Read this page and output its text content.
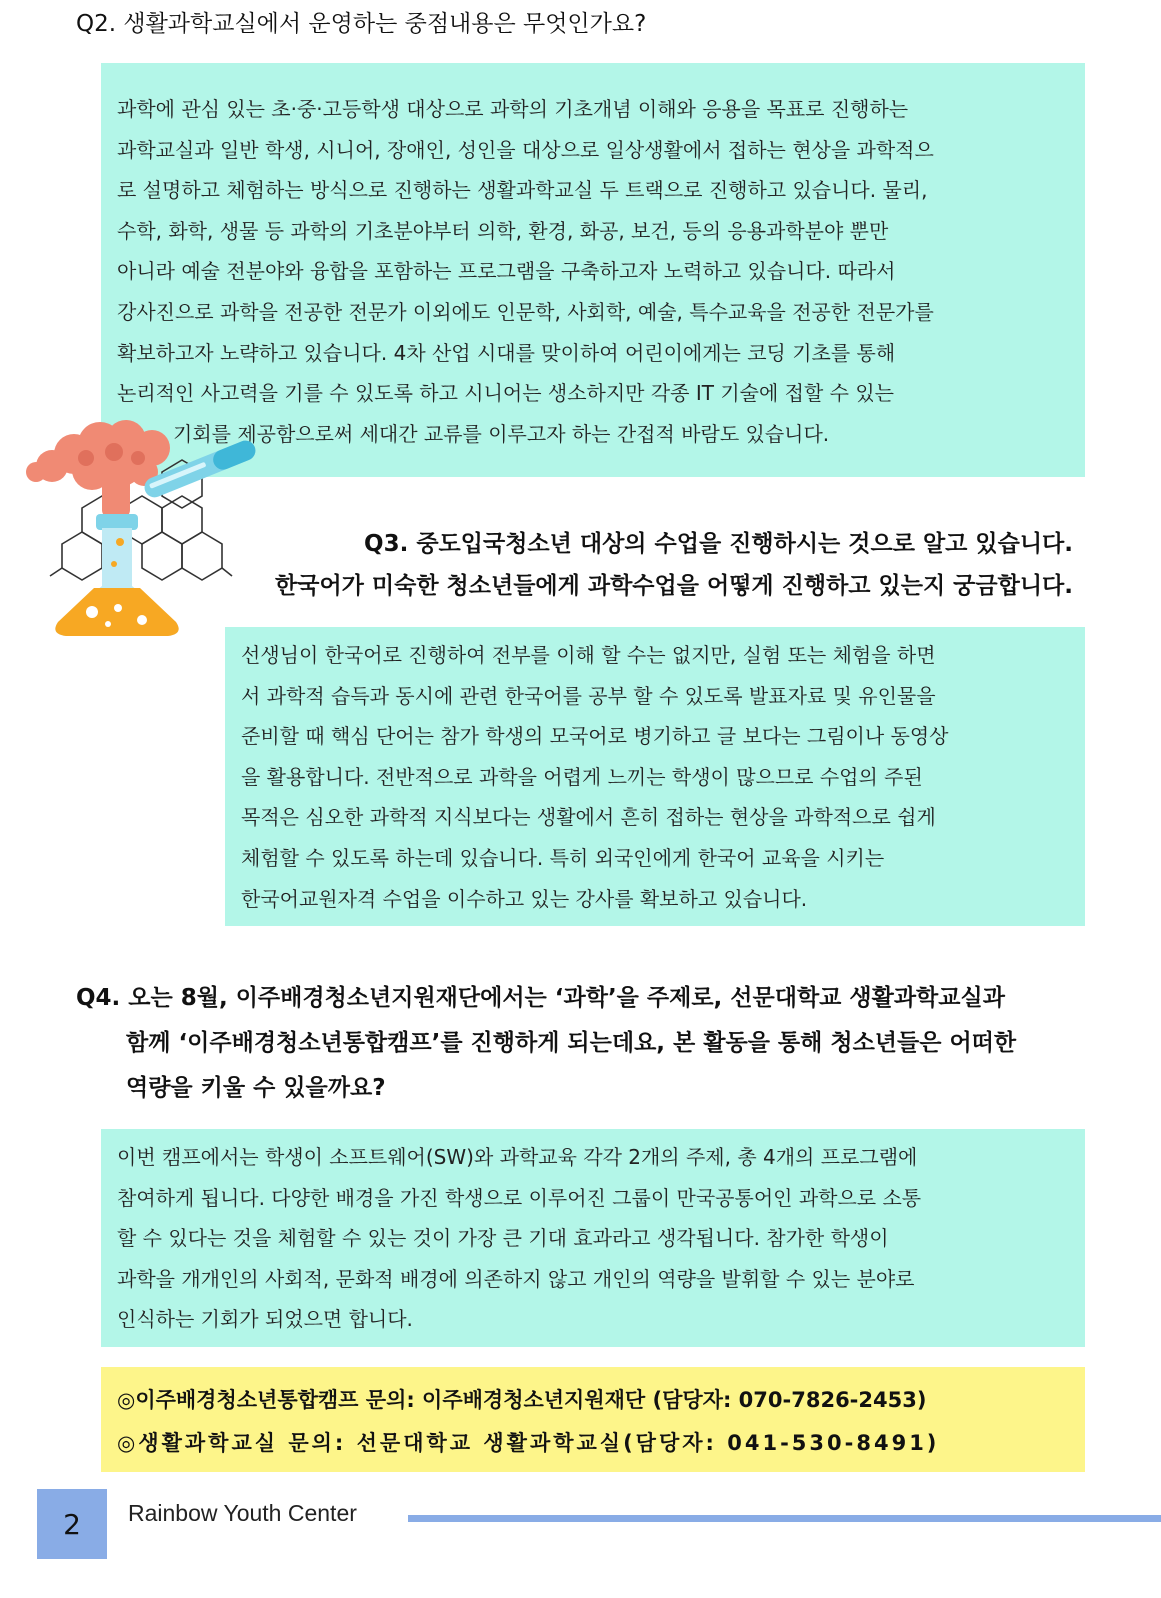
Q2. 생활과학교실에서 운영하는 중점내용은 무엇인가요?

과학에 관심 있는 초·중·고등학생 대상으로 과학의 기초개념 이해와 응용을 목표로 진행하는

과학교실과 일반 학생, 시니어, 장애인, 성인을 대상으로 일상생활에서 접하는 현상을 과학적으

로 설명하고 체험하는 방식으로 진행하는 생활과학교실 두 트랙으로 진행하고 있습니다. 물리,

수학, 화학, 생물 등 과학의 기초분야부터 의학, 환경, 화공, 보건, 등의 응용과학분야 뿐만

아니라 예술 전분야와 융합을 포함하는 프로그램을 구축하고자 노력하고 있습니다. 따라서

강사진으로 과학을 전공한 전문가 이외에도 인문학, 사회학, 예술, 특수교육을 전공한 전문가를

확보하고자 노략하고 있습니다. 4차 산업 시대를 맞이하여 어린이에게는 코딩 기초를 통해

논리적인 사고력을 기를 수 있도록 하고 시니어는 생소하지만 각종 IT 기술에 접할 수 있는

기회를 제공함으로써 세대간 교류를 이루고자 하는 간접적 바람도 있습니다.

Q3. 중도입국청소년 대상의 수업을 진행하시는 것으로 알고 있습니다.
한국어가 미숙한 청소년들에게 과학수업을 어떻게 진행하고 있는지 궁금합니다.

선생님이 한국어로 진행하여 전부를 이해 할 수는 없지만, 실험 또는 체험을 하면

서 과학적 습득과 동시에 관련 한국어를 공부 할 수 있도록 발표자료 및 유인물을

준비할 때 핵심 단어는 참가 학생의 모국어로 병기하고 글 보다는 그림이나 동영상

을 활용합니다. 전반적으로 과학을 어렵게 느끼는 학생이 많으므로 수업의 주된

목적은 심오한 과학적 지식보다는 생활에서 흔히 접하는 현상을 과학적으로 쉽게

체험할 수 있도록 하는데 있습니다. 특히 외국인에게 한국어 교육을 시키는

한국어교원자격 수업을 이수하고 있는 강사를 확보하고 있습니다.

Q4. 오는 8월, 이주배경청소년지원재단에서는 ‘과학’을 주제로, 선문대학교 생활과학교실과
함께 ‘이주배경청소년통합캠프’를 진행하게 되는데요, 본 활동을 통해 청소년들은 어떠한
역량을 키울 수 있을까요?

이번 캠프에서는 학생이 소프트웨어(SW)와 과학교육 각각 2개의 주제, 총 4개의 프로그램에

참여하게 됩니다. 다양한 배경을 가진 학생으로 이루어진 그룹이 만국공통어인 과학으로 소통

할 수 있다는 것을 체험할 수 있는 것이 가장 큰 기대 효과라고 생각됩니다. 참가한 학생이

과학을 개개인의 사회적, 문화적 배경에 의존하지 않고 개인의 역량을 발휘할 수 있는 분야로

인식하는 기회가 되었으면 합니다.

◎이주배경청소년통합캠프 문의: 이주배경청소년지원재단 (담당자: 070-7826-2453)
◎생활과학교실 문의: 선문대학교 생활과학교실(담당자: 041-530-8491)
2	Rainbow Youth Center
